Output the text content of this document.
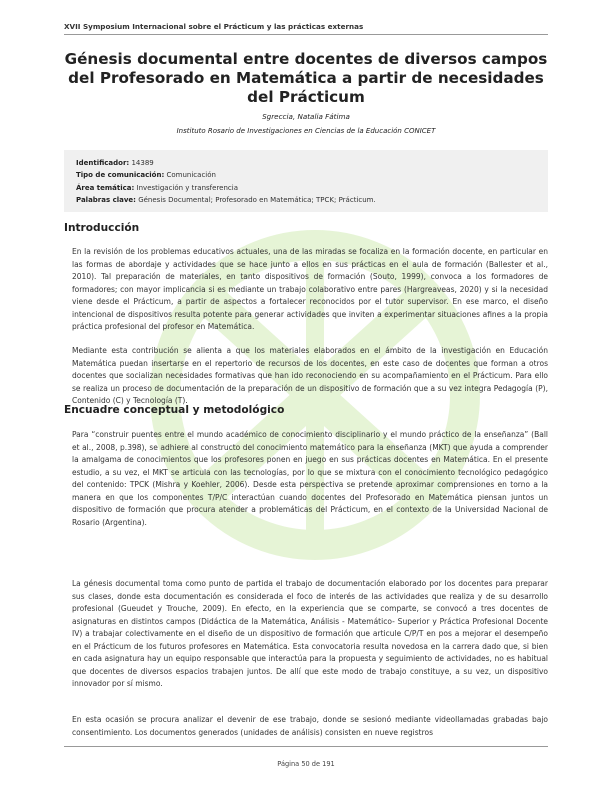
XVII Symposium Internacional sobre el Prácticum y las prácticas externas
Génesis documental entre docentes de diversos campos del Profesorado en Matemática a partir de necesidades del Prácticum
Sgreccia, Natalia Fátima
Instituto Rosario de Investigaciones en Ciencias de la Educación CONICET
Identificador: 14389
Tipo de comunicación: Comunicación
Área temática: Investigación y transferencia
Palabras clave: Génesis Documental; Profesorado en Matemática; TPCK; Prácticum.
Introducción
En la revisión de los problemas educativos actuales, una de las miradas se focaliza en la formación docente, en particular en las formas de abordaje y actividades que se hace junto a ellos en sus prácticas en el aula de formación (Ballester et al., 2010). Tal preparación de materiales, en tanto dispositivos de formación (Souto, 1999), convoca a los formadores de formadores; con mayor implicancia si es mediante un trabajo colaborativo entre pares (Hargreaveas, 2020) y si la necesidad viene desde el Prácticum, a partir de aspectos a fortalecer reconocidos por el tutor supervisor. En ese marco, el diseño intencional de dispositivos resulta potente para generar actividades que inviten a experimentar situaciones afines a la propia práctica profesional del profesor en Matemática.
Mediante esta contribución se alienta a que los materiales elaborados en el ámbito de la investigación en Educación Matemática puedan insertarse en el repertorio de recursos de los docentes, en este caso de docentes que forman a otros docentes que socializan necesidades formativas que han ido reconociendo en su acompañamiento en el Prácticum. Para ello se realiza un proceso de documentación de la preparación de un dispositivo de formación que a su vez integra Pedagogía (P), Contenido (C) y Tecnología (T).
Encuadre conceptual y metodológico
Para “construir puentes entre el mundo académico de conocimiento disciplinario y el mundo práctico de la enseñanza” (Ball et al., 2008, p.398), se adhiere al constructo del conocimiento matemático para la enseñanza (MKT) que ayuda a comprender la amalgama de conocimientos que los profesores ponen en juego en sus prácticas docentes en Matemática. En el presente estudio, a su vez, el MKT se articula con las tecnologías, por lo que se mixtura con el conocimiento tecnológico pedagógico del contenido: TPCK (Mishra y Koehler, 2006). Desde esta perspectiva se pretende aproximar comprensiones en torno a la manera en que los componentes T/P/C interactúan cuando docentes del Profesorado en Matemática piensan juntos un dispositivo de formación que procura atender a problemáticas del Prácticum, en el contexto de la Universidad Nacional de Rosario (Argentina).
La génesis documental toma como punto de partida el trabajo de documentación elaborado por los docentes para preparar sus clases, donde esta documentación es considerada el foco de interés de las actividades que realiza y de su desarrollo profesional (Gueudet y Trouche, 2009). En efecto, en la experiencia que se comparte, se convocó a tres docentes de asignaturas en distintos campos (Didáctica de la Matemática, Análisis - Matemático- Superior y Práctica Profesional Docente IV) a trabajar colectivamente en el diseño de un dispositivo de formación que articule C/P/T en pos a mejorar el desempeño en el Prácticum de los futuros profesores en Matemática. Esta convocatoria resulta novedosa en la carrera dado que, si bien en cada asignatura hay un equipo responsable que interactúa para la propuesta y seguimiento de actividades, no es habitual que docentes de diversos espacios trabajen juntos. De allí que este modo de trabajo constituye, a su vez, un dispositivo innovador por sí mismo.
En esta ocasión se procura analizar el devenir de ese trabajo, donde se sesionó mediante videollamadas grabadas bajo consentimiento. Los documentos generados (unidades de análisis) consisten en nueve registros
Página 50 de 191
